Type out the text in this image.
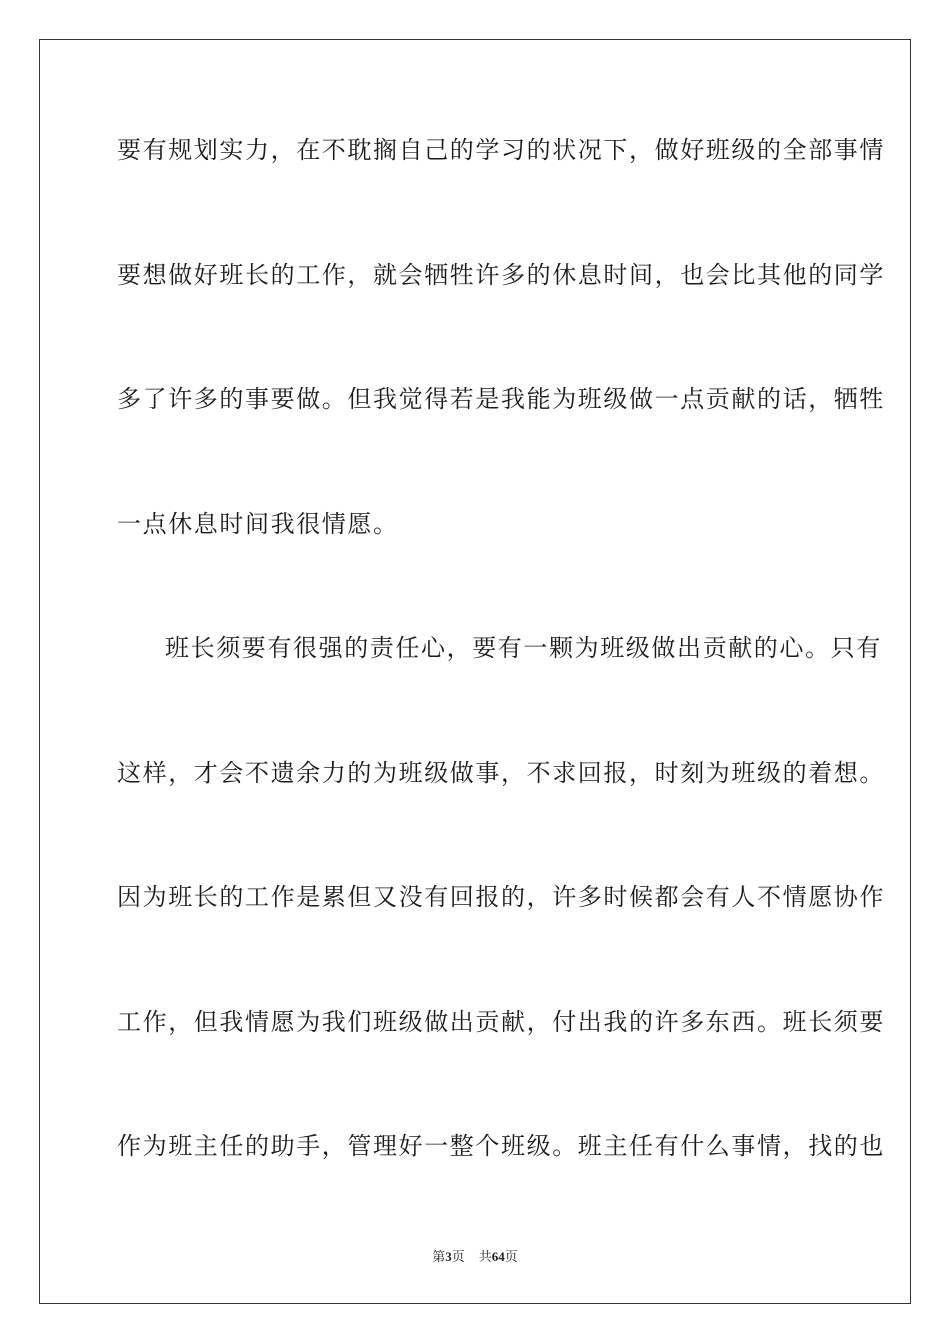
要有规划实力，在不耽搁自己的学习的状况下，做好班级的全部事情
要想做好班长的工作，就会牺牲许多的休息时间，也会比其他的同学
多了许多的事要做。但我觉得若是我能为班级做一点贡献的话，牺牲
一点休息时间我很情愿。
班长须要有很强的责任心，要有一颗为班级做出贡献的心。只有
这样，才会不遗余力的为班级做事，不求回报，时刻为班级的着想。
因为班长的工作是累但又没有回报的，许多时候都会有人不情愿协作
工作，但我情愿为我们班级做出贡献，付出我的许多东西。班长须要
作为班主任的助手，管理好一整个班级。班主任有什么事情，找的也
第3页 共64页
